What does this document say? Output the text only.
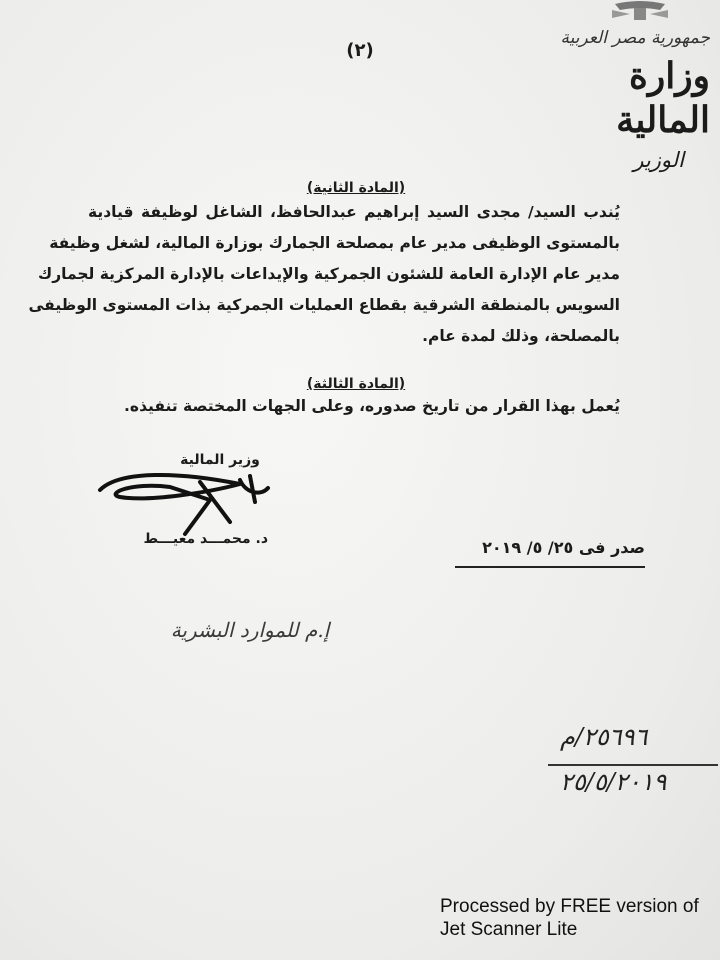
جمهورية مصر العربية
وزارة المالية
الوزير
(٢)
(المادة الثانية)
يُندب السيد/ مجدى السيد إبراهيم عبدالحافظ، الشاغل لوظيفة قيادية
بالمستوى الوظيفى مدير عام بمصلحة الجمارك بوزارة المالية، لشغل وظيفة
مدير عام الإدارة العامة للشئون الجمركية والإيداعات بالإدارة المركزية لجمارك
السويس بالمنطقة الشرقية بقطاع العمليات الجمركية بذات المستوى الوظيفى
بالمصلحة، وذلك لمدة عام.
(المادة الثالثة)
يُعمل بهذا القرار من تاريخ صدوره، وعلى الجهات المختصة تنفيذه.
وزير المالية
د. محمـــد معيـــط	صدر فى ٢٥/ ٥/ ٢٠١٩
إ.م للموارد البشرية
٢٥٦٩٦/م
٢٥/٥/٢٠١٩
Processed by FREE version of
Jet Scanner Lite
